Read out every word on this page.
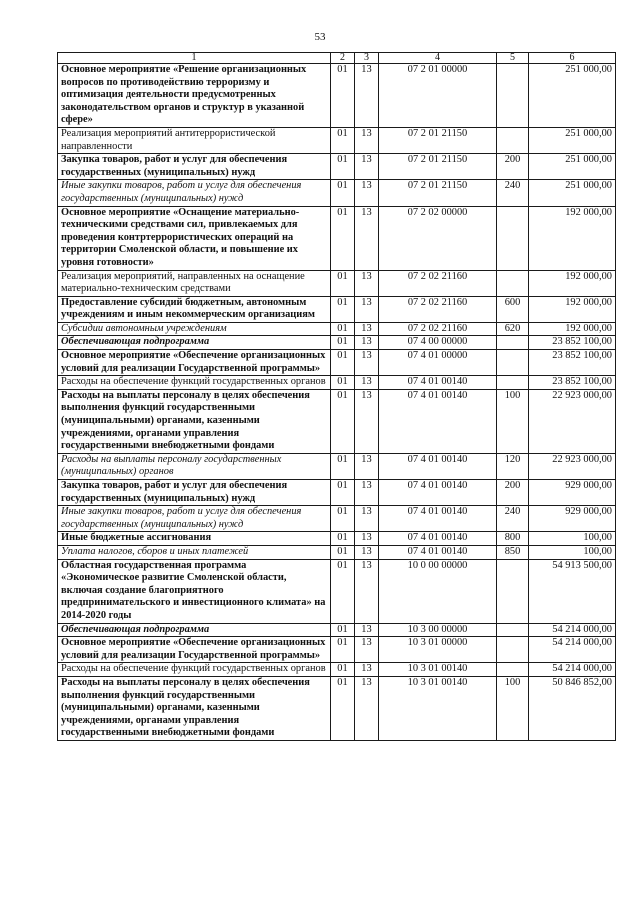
53
1	2	3	4	5	6
Основное мероприятие «Решение организационных вопросов по противодействию терроризму и оптимизация деятельности предусмотренных законодательством органов и структур в указанной сфере»	01	13	07 2 01 00000		251 000,00
Реализация мероприятий антитеррористической направленности	01	13	07 2 01 21150		251 000,00
Закупка товаров, работ и услуг для обеспечения государственных (муниципальных) нужд	01	13	07 2 01 21150	200	251 000,00
Иные закупки товаров, работ и услуг для обеспечения государственных (муниципальных) нужд	01	13	07 2 01 21150	240	251 000,00
Основное мероприятие «Оснащение материально-техническими средствами сил, привлекаемых для проведения контртеррористических операций на территории Смоленской области, и повышение их уровня готовности»	01	13	07 2 02 00000		192 000,00
Реализация мероприятий, направленных на оснащение материально-техническим средствами	01	13	07 2 02 21160		192 000,00
Предоставление субсидий бюджетным, автономным учреждениям и иным некоммерческим организациям	01	13	07 2 02 21160	600	192 000,00
Субсидии автономным учреждениям	01	13	07 2 02 21160	620	192 000,00
Обеспечивающая подпрограмма	01	13	07 4 00 00000		23 852 100,00
Основное мероприятие «Обеспечение организационных условий для реализации Государственной программы»	01	13	07 4 01 00000		23 852 100,00
Расходы на обеспечение функций государственных органов	01	13	07 4 01 00140		23 852 100,00
Расходы на выплаты персоналу в целях обеспечения выполнения функций государственными (муниципальными) органами, казенными учреждениями, органами управления государственными внебюджетными фондами	01	13	07 4 01 00140	100	22 923 000,00
Расходы на выплаты персоналу государственных (муниципальных) органов	01	13	07 4 01 00140	120	22 923 000,00
Закупка товаров, работ и услуг для обеспечения государственных (муниципальных) нужд	01	13	07 4 01 00140	200	929 000,00
Иные закупки товаров, работ и услуг для обеспечения государственных (муниципальных) нужд	01	13	07 4 01 00140	240	929 000,00
Иные бюджетные ассигнования	01	13	07 4 01 00140	800	100,00
Уплата налогов, сборов и иных платежей	01	13	07 4 01 00140	850	100,00
Областная государственная программа «Экономическое развитие Смоленской области, включая создание благоприятного предпринимательского и инвестиционного климата» на 2014-2020 годы	01	13	10 0 00 00000		54 913 500,00
Обеспечивающая подпрограмма	01	13	10 3 00 00000		54 214 000,00
Основное мероприятие «Обеспечение организационных условий для реализации Государственной программы»	01	13	10 3 01 00000		54 214 000,00
Расходы на обеспечение функций государственных органов	01	13	10 3 01 00140		54 214 000,00
Расходы на выплаты персоналу в целях обеспечения выполнения функций государственными (муниципальными) органами, казенными учреждениями, органами управления государственными внебюджетными фондами	01	13	10 3 01 00140	100	50 846 852,00
